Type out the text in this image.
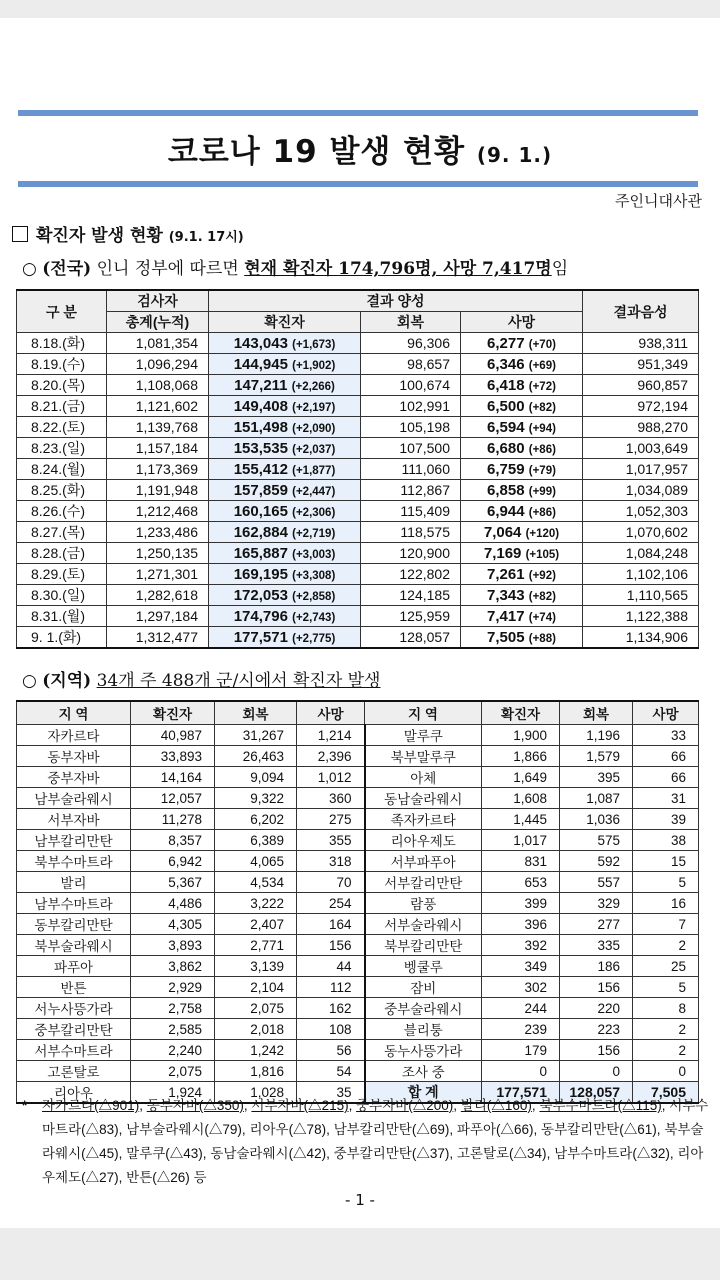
코로나 19 발생 현황 (9. 1.)
주인니대사관
확진자 발생 현황 (9.1. 17시)
○ (전국) 인니 정부에 따르면 현재 확진자 174,796명, 사망 7,417명임
구 분	검사자	결과 양성			결과음성
	총계(누적)	확진자	회복	사망	
8.18.(화)	1,081,354	143,043 (+1,673)	96,306	6,277 (+70)	938,311
8.19.(수)	1,096,294	144,945 (+1,902)	98,657	6,346 (+69)	951,349
8.20.(목)	1,108,068	147,211 (+2,266)	100,674	6,418 (+72)	960,857
8.21.(금)	1,121,602	149,408 (+2,197)	102,991	6,500 (+82)	972,194
8.22.(토)	1,139,768	151,498 (+2,090)	105,198	6,594 (+94)	988,270
8.23.(일)	1,157,184	153,535 (+2,037)	107,500	6,680 (+86)	1,003,649
8.24.(월)	1,173,369	155,412 (+1,877)	111,060	6,759 (+79)	1,017,957
8.25.(화)	1,191,948	157,859 (+2,447)	112,867	6,858 (+99)	1,034,089
8.26.(수)	1,212,468	160,165 (+2,306)	115,409	6,944 (+86)	1,052,303
8.27.(목)	1,233,486	162,884 (+2,719)	118,575	7,064 (+120)	1,070,602
8.28.(금)	1,250,135	165,887 (+3,003)	120,900	7,169 (+105)	1,084,248
8.29.(토)	1,271,301	169,195 (+3,308)	122,802	7,261 (+92)	1,102,106
8.30.(일)	1,282,618	172,053 (+2,858)	124,185	7,343 (+82)	1,110,565
8.31.(월)	1,297,184	174,796 (+2,743)	125,959	7,417 (+74)	1,122,388
9. 1.(화)	1,312,477	177,571 (+2,775)	128,057	7,505 (+88)	1,134,906
○ (지역) 34개 주 488개 군/시에서 확진자 발생
지 역	확진자	회복	사망	지 역	확진자	회복	사망
자카르타	40,987	31,267	1,214	말루쿠	1,900	1,196	33
동부자바	33,893	26,463	2,396	북부말루쿠	1,866	1,579	66
중부자바	14,164	9,094	1,012	아체	1,649	395	66
남부술라웨시	12,057	9,322	360	동남술라웨시	1,608	1,087	31
서부자바	11,278	6,202	275	족자카르타	1,445	1,036	39
남부칼리만탄	8,357	6,389	355	리아우제도	1,017	575	38
북부수마트라	6,942	4,065	318	서부파푸아	831	592	15
발리	5,367	4,534	70	서부칼리만탄	653	557	5
남부수마트라	4,486	3,222	254	람풍	399	329	16
동부칼리만탄	4,305	2,407	164	서부술라웨시	396	277	7
북부술라웨시	3,893	2,771	156	북부칼리만탄	392	335	2
파푸아	3,862	3,139	44	벵쿨루	349	186	25
반튼	2,929	2,104	112	잠비	302	156	5
서누사뜽가라	2,758	2,075	162	중부술라웨시	244	220	8
중부칼리만탄	2,585	2,018	108	블리퉁	239	223	2
서부수마트라	2,240	1,242	56	동누사뜽가라	179	156	2
고론탈로	2,075	1,816	54	조사 중	0	0	0
리아우	1,924	1,028	35	합 계	177,571	128,057	7,505
* 자카르타(△901), 동부자바(△350), 서부자바(△215), 중부자바(△200), 발리(△160), 북부수마트라(△115), 서부수마트라(△83), 남부술라웨시(△79), 리아우(△78), 남부칼리만탄(△69), 파푸아(△66), 동부칼리만탄(△61), 북부술라웨시(△45), 말루쿠(△43), 동남술라웨시(△42), 중부칼리만탄(△37), 고론탈로(△34), 남부수마트라(△32), 리아우제도(△27), 반튼(△26) 등
- 1 -
